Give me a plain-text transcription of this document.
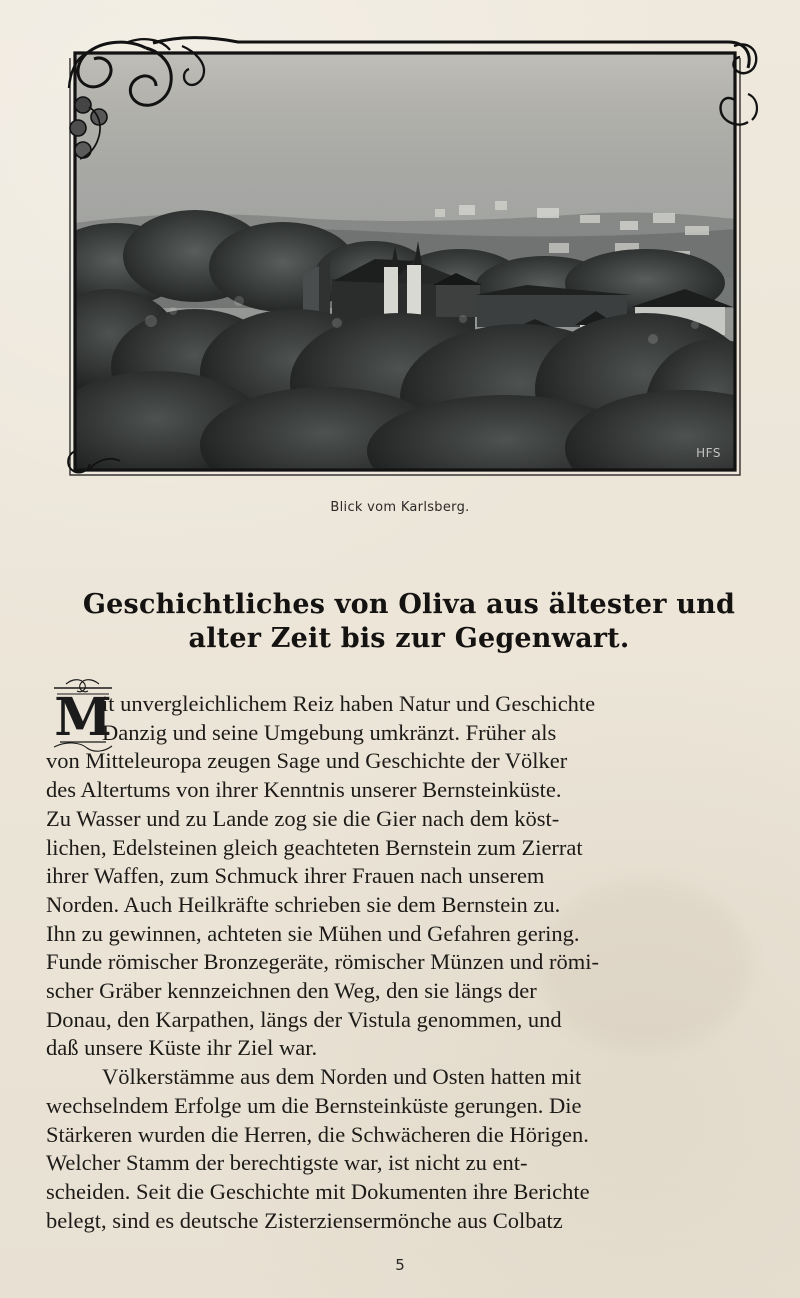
HFS
Blick vom Karlsberg.
Geschichtliches von Oliva aus ältester und
alter Zeit bis zur Gegenwart.
M
it unvergleichlichem Reiz haben Natur und Geschichte
Danzig und seine Umgebung umkränzt. Früher als
von Mitteleuropa zeugen Sage und Geschichte der Völker
des Altertums von ihrer Kenntnis unserer Bernsteinküste.
Zu Wasser und zu Lande zog sie die Gier nach dem köst-
lichen, Edelsteinen gleich geachteten Bernstein zum Zierrat
ihrer Waffen, zum Schmuck ihrer Frauen nach unserem
Norden. Auch Heilkräfte schrieben sie dem Bernstein zu.
Ihn zu gewinnen, achteten sie Mühen und Gefahren gering.
Funde römischer Bronzegeräte, römischer Münzen und römi-
scher Gräber kennzeichnen den Weg, den sie längs der
Donau, den Karpathen, längs der Vistula genommen, und
daß unsere Küste ihr Ziel war.
Völkerstämme aus dem Norden und Osten hatten mit
wechselndem Erfolge um die Bernsteinküste gerungen. Die
Stärkeren wurden die Herren, die Schwächeren die Hörigen.
Welcher Stamm der berechtigste war, ist nicht zu ent-
scheiden. Seit die Geschichte mit Dokumenten ihre Berichte
belegt, sind es deutsche Zisterziensermönche aus Colbatz
5
